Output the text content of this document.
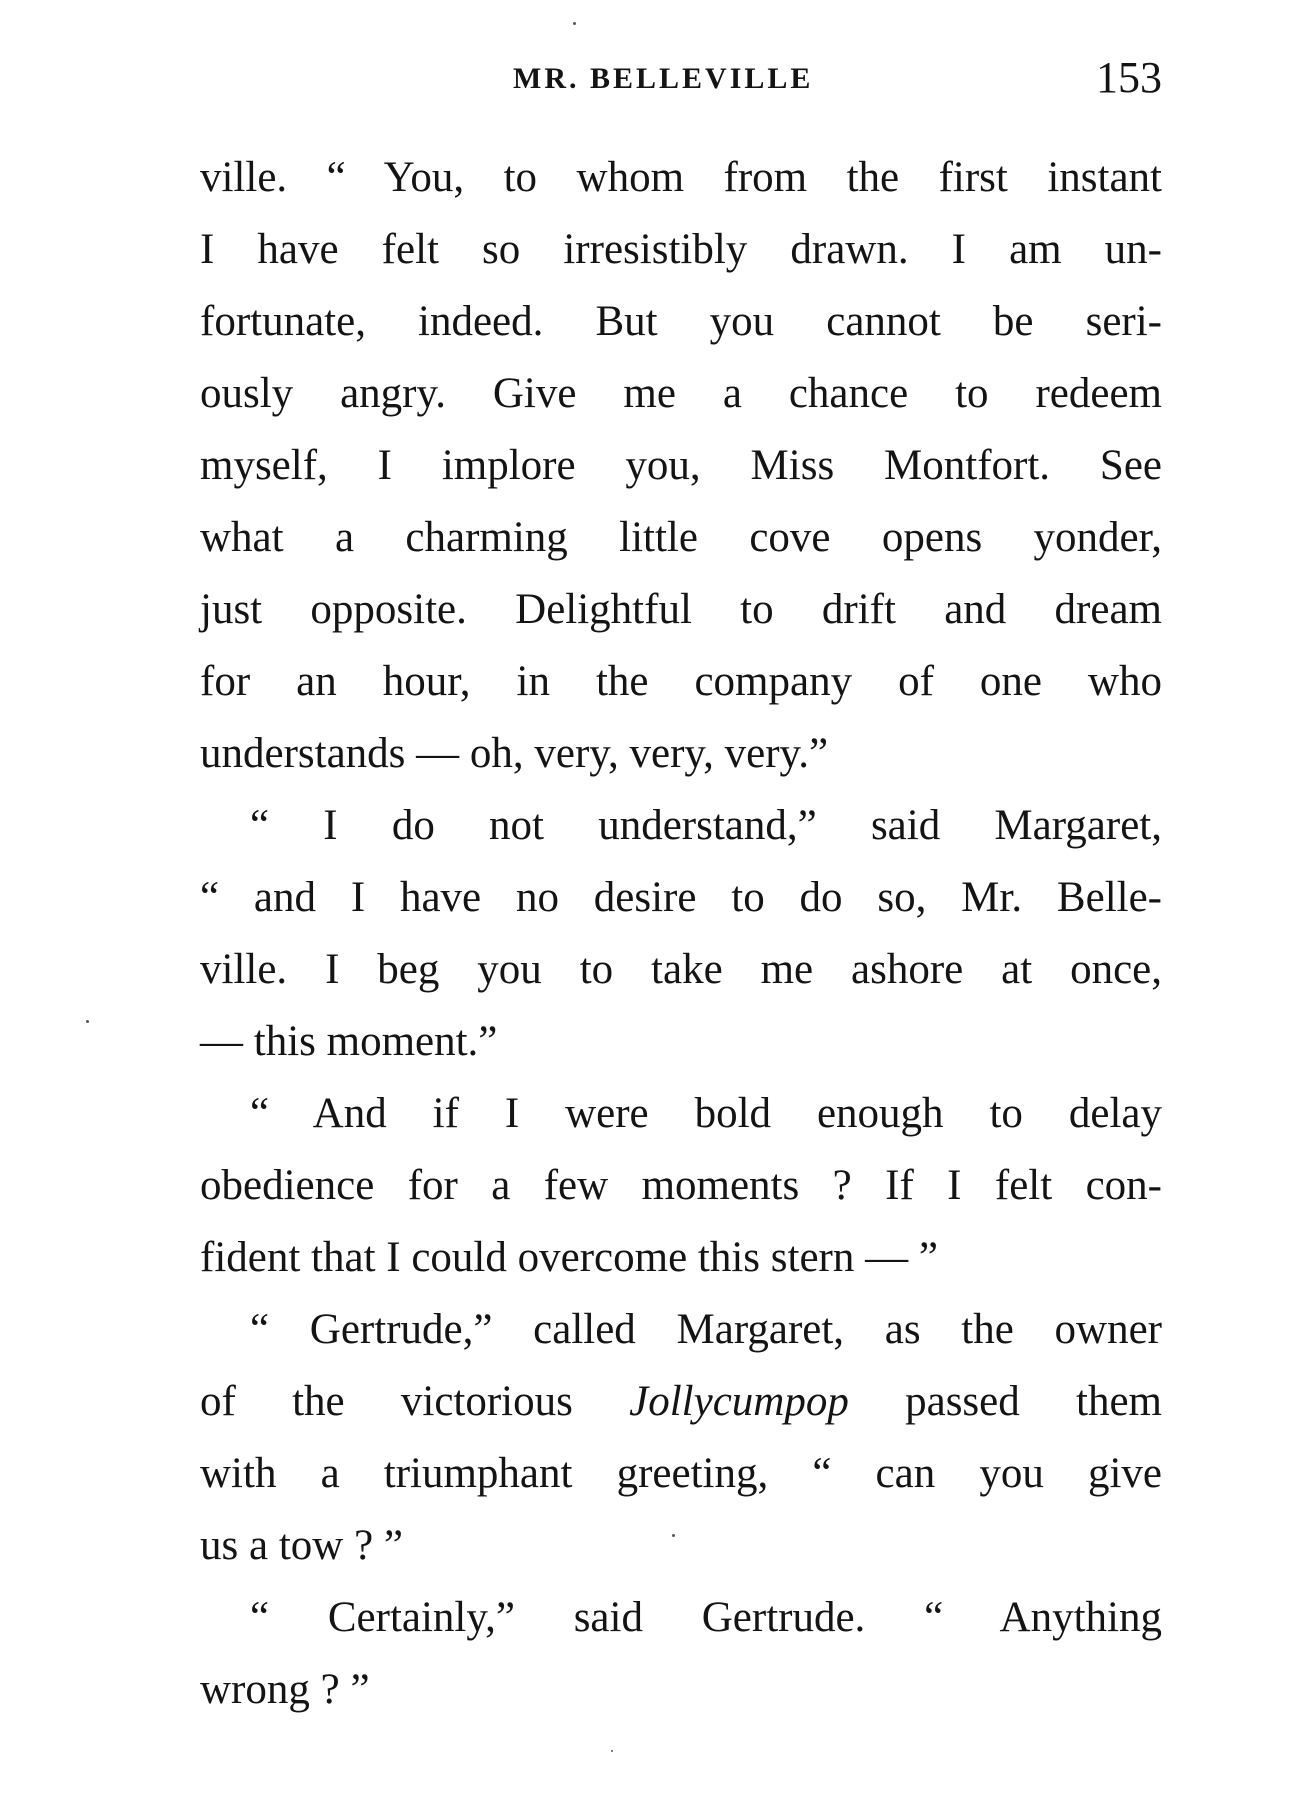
MR. BELLEVILLE	153
ville. “ You, to whom from the first instant
I have felt so irresistibly drawn. I am un-
fortunate, indeed. But you cannot be seri-
ously angry. Give me a chance to redeem
myself, I implore you, Miss Montfort. See
what a charming little cove opens yonder,
just opposite. Delightful to drift and dream
for an hour, in the company of one who
understands — oh, very, very, very.”
“ I do not understand,” said Margaret,
“ and I have no desire to do so, Mr. Belle-
ville. I beg you to take me ashore at once,
— this moment.”
“ And if I were bold enough to delay
obedience for a few moments ? If I felt con-
fident that I could overcome this stern — ”
“ Gertrude,” called Margaret, as the owner
of the victorious Jollycumpop passed them
with a triumphant greeting, “ can you give
us a tow ? ”
“ Certainly,” said Gertrude. “ Anything
wrong ? ”
